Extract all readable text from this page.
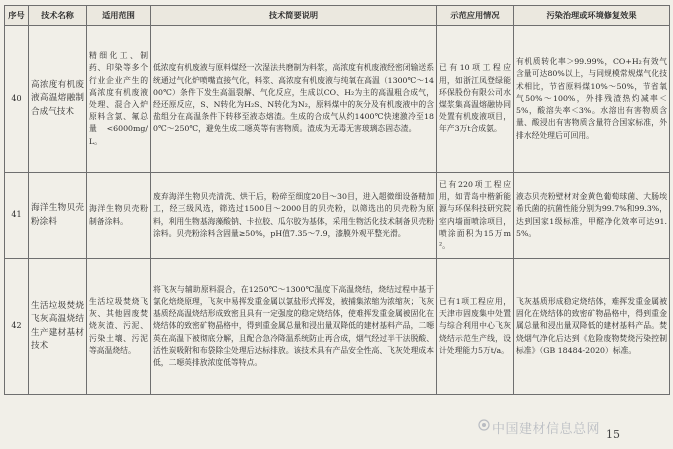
序号	技术名称	适用范围	技术简要说明	示范应用情况	污染治理或环境修复效果
40	高浓度有机废液高温熔融制合成气技术	精细化工、制药、印染等多个行业企业产生的高浓度有机废液处理、混合入炉原料含氯、氟总量<6000mg/L。	低浓度有机废液与原料煤经一次湿法共磨制为料浆，高浓度有机废液经密闭输送系统通过气化炉喷嘴直接气化，料浆、高浓度有机废液与纯氧在高温（1300℃～1400℃）条件下发生高温裂解、气化反应，生成以CO、H₂为主的高温粗合成气，经还原反应，S、N转化为H₂S、N转化为N₂，原料煤中的灰分及有机废液中的含盐组分在高温条件下转移至液态熔渣。生成的合成气从约1400℃快速激冷至180℃～250℃，避免生成二噁英等有害物质。渣成为无毒无害玻璃态固态渣。	已有10项工程应用，如浙江凤登绿能环保股份有限公司水煤浆集高温熔融协同处置有机废液项目，年产3万t合成氨。	有机质转化率＞99.99%，CO+H₂有效气含量可达80%以上，与同规模常规煤气化技术相比，节省原料煤10%～50%，节省氧气50%～100%，外排残渣热灼减率＜5%，酸溶失率＜3%。水溶出有害物质含量、酸浸出有害物质含量符合国家标准，外排水经处理后可回用。
41	海洋生物贝壳粉涂料	海洋生物贝壳粉制备涂料。	废弃海洋生物贝壳清洗、烘干后，粉碎至细度20目～30目，进入超微细设备精加工，经三级风选，筛选过1500目～2000目的贝壳粉，以筛选出的贝壳粉为原料，利用生物基海藻酸钠、卡拉胶、瓜尔胶为基体，采用生物活化技术制备贝壳粉涂料。贝壳粉涂料含固量≥50%，pH值7.35～7.9，漆膜外观平整光滑。	已有220项工程应用，如青岛中楷新能源与环保科技研究院室内墙面喷涂项目，喷涂面积为15万m²。	液态贝壳粉壁材对金黄色葡萄球菌、大肠埃希氏菌的抗菌性能分别为99.7%和99.3%，达到国家1级标准，甲醛净化效率可达91.5%。
42	生活垃圾焚烧飞灰高温烧结生产建材基材技术	生活垃圾焚烧飞灰、其他固废焚烧灰渣、污泥、污染土壤、污泥等高温烧结。	将飞灰与辅助原料混合，在1250℃～1300℃温度下高温烧结，烧结过程中基于氯化焙烧原理，飞灰中易挥发重金属以氯盐形式挥发，被捕集浓缩为浓缩灰；飞灰基质经高温烧结形成致密且具有一定强度的稳定烧结体，使难挥发重金属被固化在烧结体的致密矿物晶格中，得到重金属总量和浸出量双降低的建材基料产品，二噁英在高温下被彻底分解，且配合急冷降温系统防止再合成，烟气经过半干法脱酸、活性炭吸附和布袋除尘处理后达标排放。该技术具有产品安全性高、飞灰处理成本低，二噁英排放浓度低等特点。	已有1项工程应用，天津市固废集中处置与综合利用中心飞灰烧结示范生产线，设计处理能力5万t/a。	飞灰基质形成稳定烧结体，难挥发重金属被固化在烧结体的致密矿物晶格中，得到重金属总量和浸出量双降低的建材基料产品。焚烧烟气净化后达到《危险废物焚烧污染控制标准》（GB 18484-2020）标准。
中国建材信息总网 15
